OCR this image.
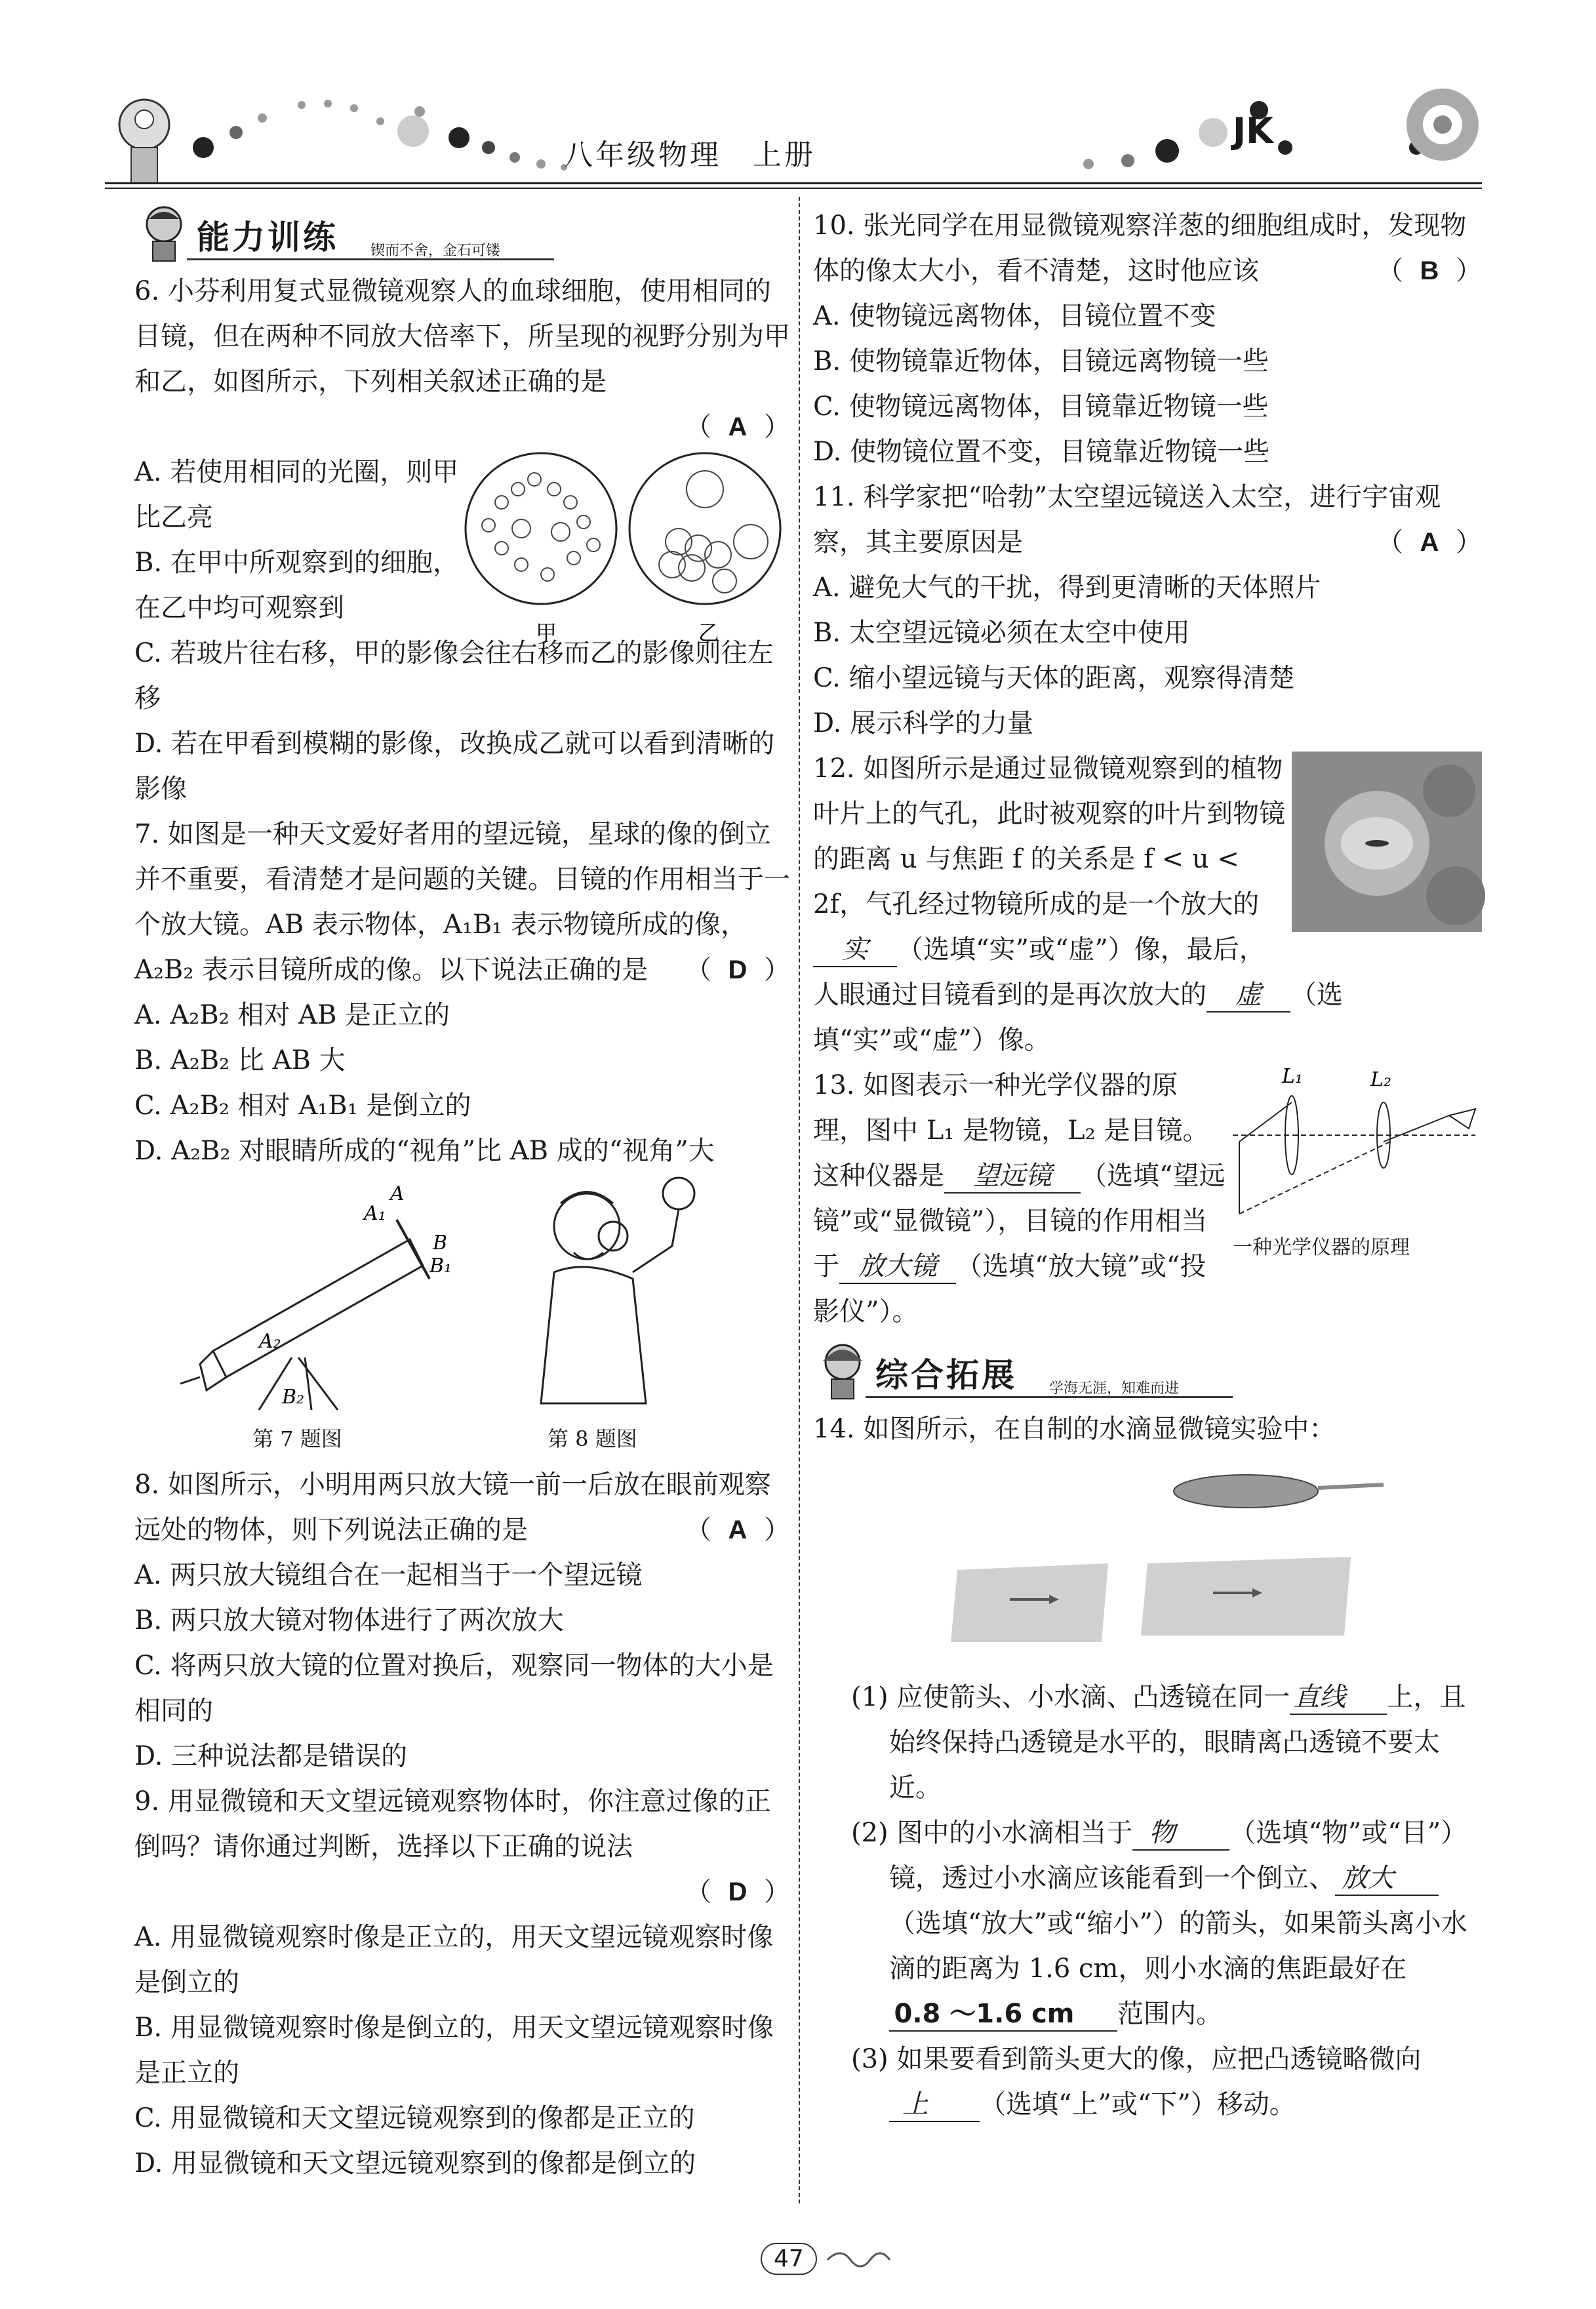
八年级物理　上册
JK
能力训练 锲而不舍，金石可镂

6. 小芬利用复式显微镜观察人的血球细胞，使用相同的目镜，但在两种不同放大倍率下，所呈现的视野分别为甲和乙，如图所示，下列相关叙述正确的是

（ A ）

A. 若使用相同的光圈，则甲比乙亮

B. 在甲中所观察到的细胞，在乙中均可观察到

C. 若玻片往右移，甲的影像会往右移而乙的影像则往左移

甲	乙

D. 若在甲看到模糊的影像，改换成乙就可以看到清晰的影像

7. 如图是一种天文爱好者用的望远镜，星球的像的倒立并不重要，看清楚才是问题的关键。目镜的作用相当于一个放大镜。AB 表示物体，A₁B₁ 表示物镜所成的像，A₂B₂ 表示目镜所成的像。以下说法正确的是	（ D ）

A. A₂B₂ 相对 AB 是正立的

B. A₂B₂ 比 AB 大

C. A₂B₂ 相对 A₁B₁ 是倒立的

D. A₂B₂ 对眼睛所成的“视角”比 AB 成的“视角”大

A₁
A
B
B₁
A₂
B₂
第 7 题图	第 8 题图

8. 如图所示，小明用两只放大镜一前一后放在眼前观察远处的物体，则下列说法正确的是	（ A ）

A. 两只放大镜组合在一起相当于一个望远镜

B. 两只放大镜对物体进行了两次放大

C. 将两只放大镜的位置对换后，观察同一物体的大小是相同的

D. 三种说法都是错误的

9. 用显微镜和天文望远镜观察物体时，你注意过像的正倒吗？请你通过判断，选择以下正确的说法

（ D ）

A. 用显微镜观察时像是正立的，用天文望远镜观察时像是倒立的

B. 用显微镜观察时像是倒立的，用天文望远镜观察时像是正立的

C. 用显微镜和天文望远镜观察到的像都是正立的

D. 用显微镜和天文望远镜观察到的像都是倒立的

10. 张光同学在用显微镜观察洋葱的细胞组成时，发现物体的像太大小，看不清楚，这时他应该	（ B ）

A. 使物镜远离物体，目镜位置不变

B. 使物镜靠近物体，目镜远离物镜一些

C. 使物镜远离物体，目镜靠近物镜一些

D. 使物镜位置不变，目镜靠近物镜一些

11. 科学家把“哈勃”太空望远镜送入太空，进行宇宙观察，其主要原因是	（ A ）

A. 避免大气的干扰，得到更清晰的天体照片

B. 太空望远镜必须在太空中使用

C. 缩小望远镜与天体的距离，观察得清楚

D. 展示科学的力量

12. 如图所示是通过显微镜观察到的植物叶片上的气孔，此时被观察的叶片到物镜的距离 u 与焦距 f 的关系是 f < u < 2f，气孔经过物镜所成的是一个放大的实 （选填“实”或“虚”）像，最后，人眼通过目镜看到的是再次放大的 虚 （选填“实”或“虚”）像。

L₁	L₂
一种光学仪器的原理

13. 如图表示一种光学仪器的原理，图中 L₁ 是物镜，L₂ 是目镜。这种仪器是 望远镜 （选填“望远镜”或“显微镜”），目镜的作用相当于 放大镜 （选填“放大镜”或“投影仪”）。

综合拓展 学海无涯，知难而进

14. 如图所示，在自制的水滴显微镜实验中：

(1) 应使箭头、小水滴、凸透镜在同一 直线 上，且始终保持凸透镜是水平的，眼睛离凸透镜不要太近。

(2) 图中的小水滴相当于 物 （选填“物”或“目”）镜，透过小水滴应该能看到一个倒立、 放大（选填“放大”或“缩小”）的箭头，如果箭头离小水滴的距离为 1.6 cm，则小水滴的焦距最好在0.8 ～1.6 cm 范围内。

(3) 如果要看到箭头更大的像，应把凸透镜略微向上 （选填“上”或“下”）移动。

47
